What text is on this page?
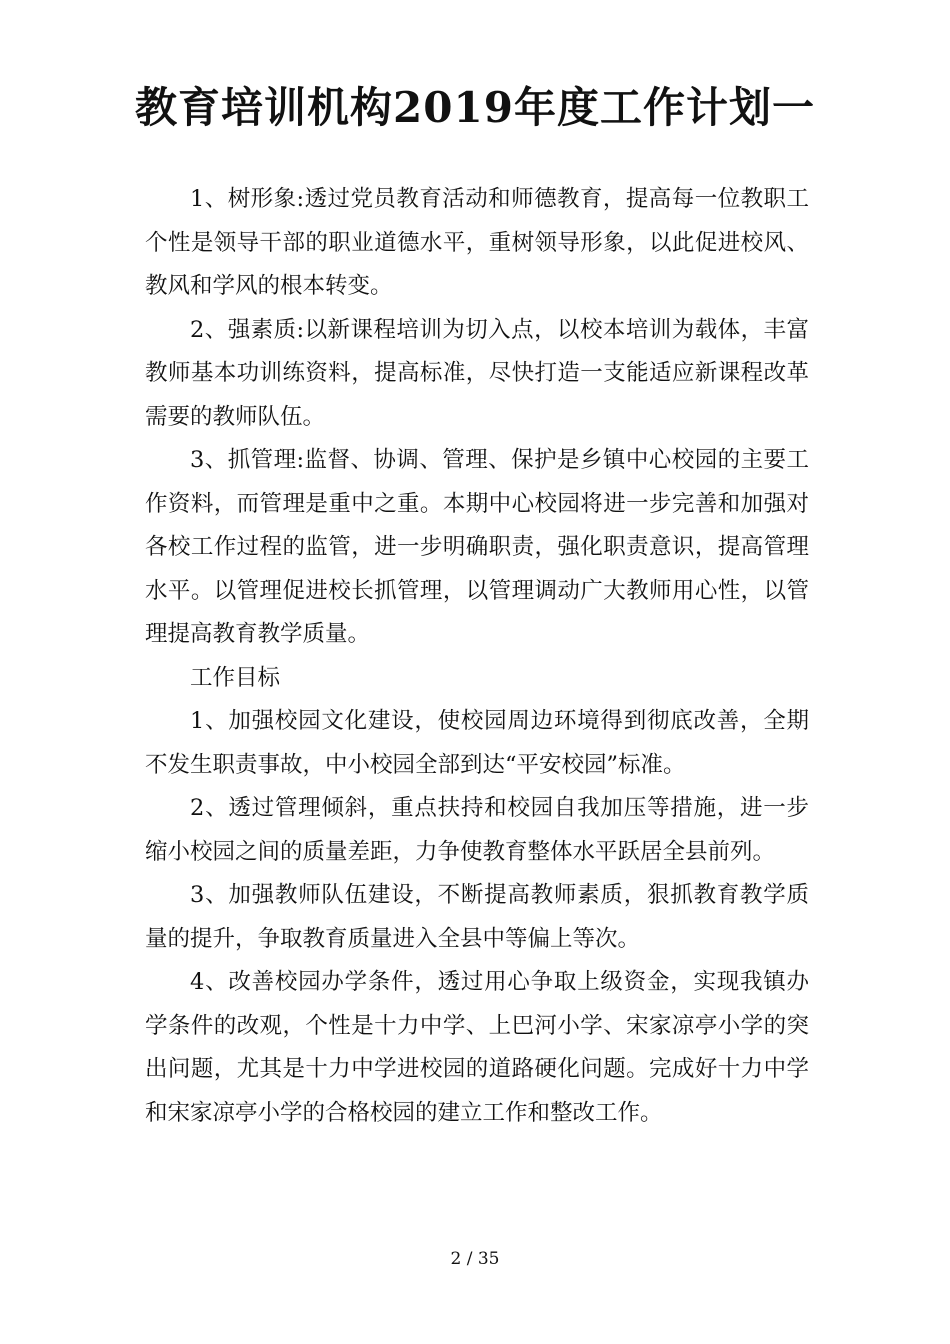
教育培训机构2019年度工作计划一

1、树形象:透过党员教育活动和师德教育，提高每一位教职工个性是领导干部的职业道德水平，重树领导形象，以此促进校风、教风和学风的根本转变。

2、强素质:以新课程培训为切入点，以校本培训为载体，丰富教师基本功训练资料，提高标准，尽快打造一支能适应新课程改革需要的教师队伍。

3、抓管理:监督、协调、管理、保护是乡镇中心校园的主要工作资料，而管理是重中之重。本期中心校园将进一步完善和加强对各校工作过程的监管，进一步明确职责，强化职责意识，提高管理水平。以管理促进校长抓管理，以管理调动广大教师用心性，以管理提高教育教学质量。

工作目标

1、加强校园文化建设，使校园周边环境得到彻底改善，全期不发生职责事故，中小校园全部到达“平安校园”标准。

2、透过管理倾斜，重点扶持和校园自我加压等措施，进一步缩小校园之间的质量差距，力争使教育整体水平跃居全县前列。

3、加强教师队伍建设，不断提高教师素质，狠抓教育教学质量的提升，争取教育质量进入全县中等偏上等次。

4、改善校园办学条件，透过用心争取上级资金，实现我镇办学条件的改观，个性是十力中学、上巴河小学、宋家凉亭小学的突出问题，尤其是十力中学进校园的道路硬化问题。完成好十力中学和宋家凉亭小学的合格校园的建立工作和整改工作。

2 / 35
